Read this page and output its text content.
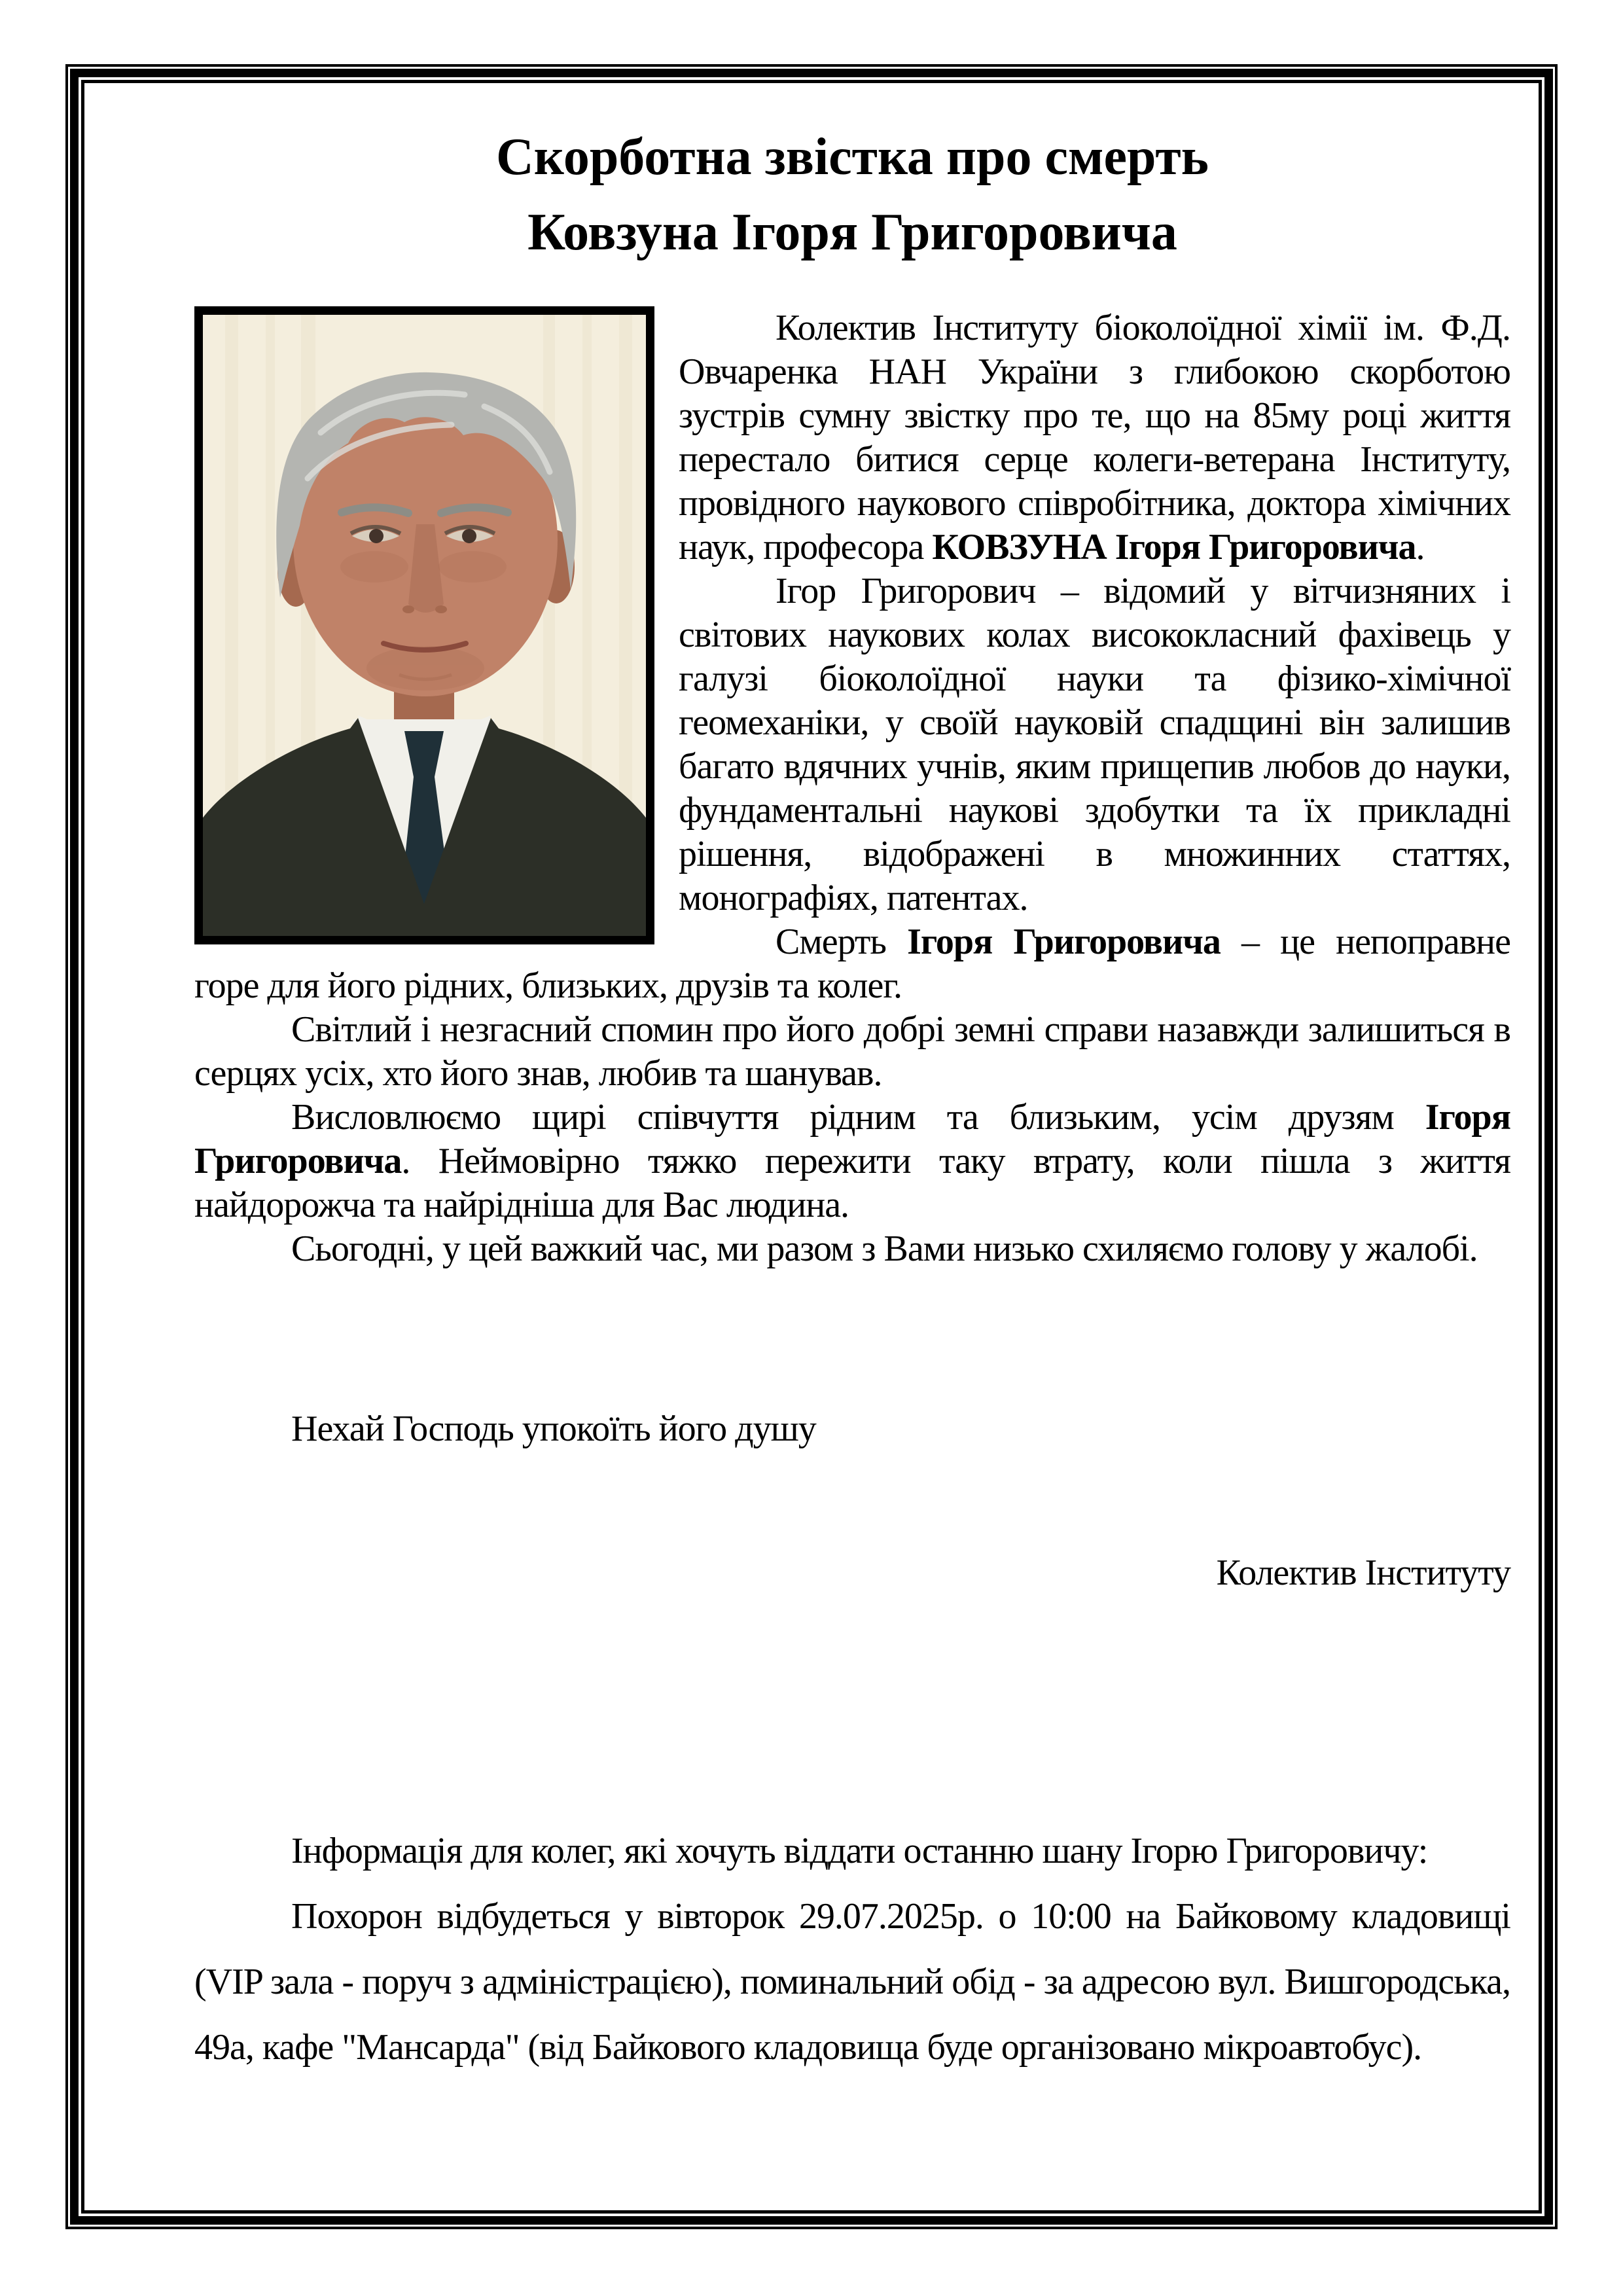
Скорботна звістка про смерть
Ковзуна Ігоря Григоровича

Колектив Інституту біоколоїдної хімії ім. Ф.Д. Овчаренка НАН України з глибокою скорботою зустрів сумну звістку про те, що на 85му році життя перестало битися серце колеги-ветерана Інституту, провідного наукового співробітника, доктора хімічних наук, професора КОВЗУНА Ігоря Григоровича.

Ігор Григорович – відомий у вітчизняних і світових наукових колах висококласний фахівець у галузі біоколоїдної науки та фізико-хімічної геомеханіки, у своїй науковій спадщині він залишив багато вдячних учнів, яким прищепив любов до науки, фундаментальні наукові здобутки та їх прикладні рішення, відображені в множинних статтях, монографіях, патентах.

Смерть Ігоря Григоровича – це непоправне горе для його рідних, близьких, друзів та колег.

Світлий і незгасний спомин про його добрі земні справи назавжди залишиться в серцях усіх, хто його знав, любив та шанував.

Висловлюємо щирі співчуття рідним та близьким, усім друзям Ігоря Григоровича. Неймовірно тяжко пережити таку втрату, коли пішла з життя найдорожча та найрідніша для Вас людина.

Сьогодні, у цей важкий час, ми разом з Вами низько схиляємо голову у жалобі.

Нехай Господь упокоїть його душу

Колектив Інституту

Інформація для колег, які хочуть віддати останню шану Ігорю Григоровичу:

Похорон відбудеться у вівторок 29.07.2025р. о 10:00 на Байковому кладовищі (VIP зала - поруч з адміністрацією), поминальний обід - за адресою вул. Вишгородська, 49а, кафе "Мансарда" (від Байкового кладовища буде організовано мікроавтобус).
